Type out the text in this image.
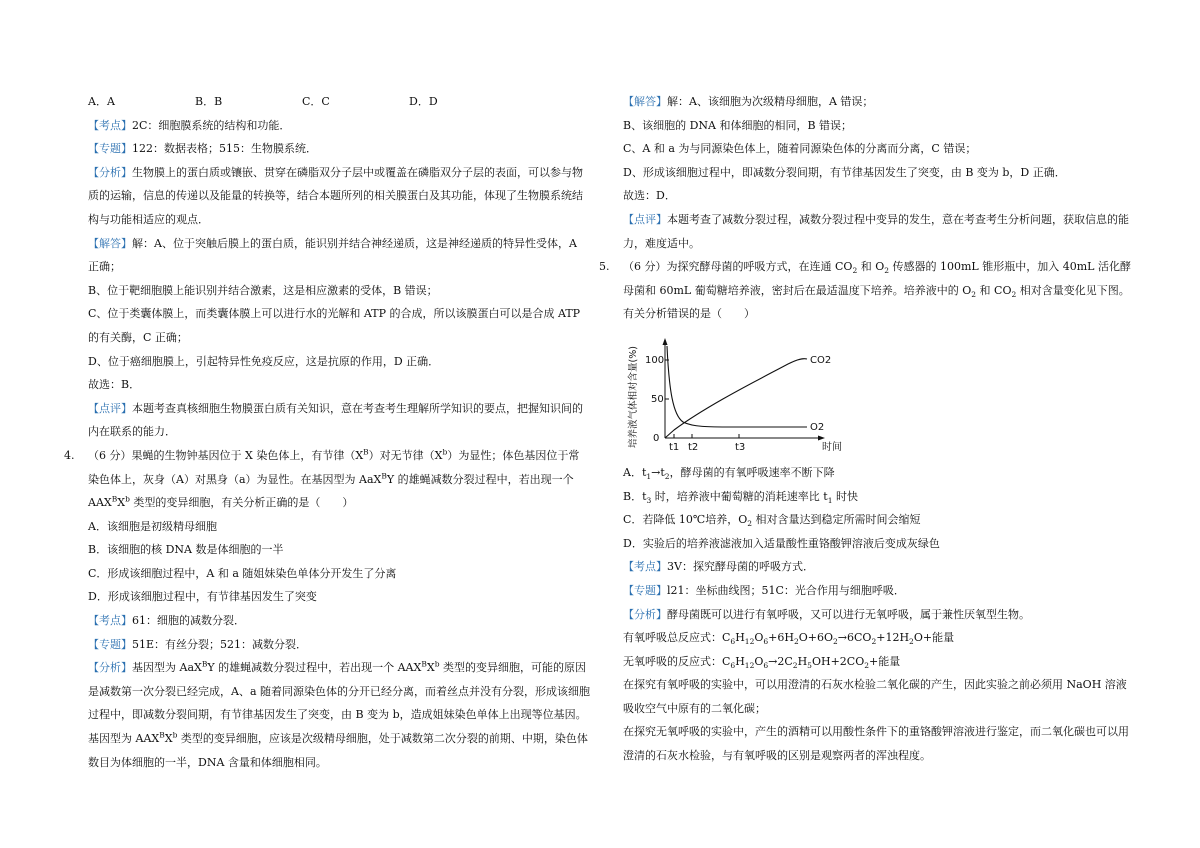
A．A	B．B	C．C	D．D

【 考点 】 2C：细胞膜系统的结构和功能．

【 专题 】 122：数据表格；515：生物膜系统．

【 分析 】 生物膜上的蛋白质或镶嵌、贯穿在磷脂双分子层中或覆盖在磷脂双分子层的表面，可以参与物质的运输，信息的传递以及能量的转换等，结合本题所列的相关膜蛋白及其功能，体现了生物膜系统结构与功能相适应的观点．

【 解答 】 解：A、位于突触后膜上的蛋白质，能识别并结合神经递质，这是神经递质的特异性受体，A 正确；

B、位于靶细胞膜上能识别并结合激素，这是相应激素的受体，B 错误；

C、位于类囊体膜上，而类囊体膜上可以进行水的光解和 ATP 的合成，所以该膜蛋白可以是合成 ATP 的有关酶，C 正确；

D、位于癌细胞膜上，引起特异性免疫反应，这是抗原的作用，D 正确．

故选：B．

【 点评 】 本题考查真核细胞生物膜蛋白质有关知识，意在考查考生理解所学知识的要点，把握知识间的内在联系的能力．

4. （6 分）果蝇的生物钟基因位于 X 染色体上，有节律$(X^B)$对无节律$(X^b)$为显性；体色基因位于常染色体上，灰身（A）对黑身（a）为显性。在基因型为 AaX$^B$Y 的雄蝇减数分裂过程中，若出现一个 $AAX^BX^b$ 类型的变异细胞，有关分析正确的是（　　）

A．该细胞是初级精母细胞

B．该细胞的核 DNA 数是体细胞的一半

C．形成该细胞过程中，A 和 a 随姐妹染色单体分开发生了分离

D．形成该细胞过程中，有节律基因发生了突变

【 考点 】 61：细胞的减数分裂．

【 专题 】 51E：有丝分裂；521：减数分裂．

【 分析 】 基因型为 AaX$^B$Y 的雄蝇减数分裂过程中，若出现一个 $AAX^BX^b$ 类型的变异细胞，可能的原因是减数第一次分裂已经完成，A、a 随着同源染色体的分开已经分离，而着丝点并没有分裂，形成该细胞过程中，即减数分裂间期，有节律基因发生了突变，由 B 变为 b，造成姐妹染色单体上出现等位基因。基因型为 $AAX^BX^b$ 类型的变异细胞，应该是次级精母细胞，处于减数第二次分裂的前期、中期，染色体数目为体细胞的一半，DNA 含量和体细胞相同。

【 解答 】 解：A、该细胞为次级精母细胞，A 错误；

B、该细胞的 DNA 和体细胞的相同，B 错误；

C、A 和 a 为与同源染色体上，随着同源染色体的分离而分离，C 错误；

D、形成该细胞过程中，即减数分裂间期，有节律基因发生了突变，由 B 变为 b，D 正确．

故选：D．

【 点评 】 本题考查了减数分裂过程，减数分裂过程中变异的发生，意在考查考生分析问题，获取信息的能力，难度适中。

5. （6 分）为探究酵母菌的呼吸方式，在连通 $CO_2$ 和 $O_2$ 传感器的 100mL 锥形瓶中，加入 40mL 活化酵母菌和 60mL 葡萄糖培养液，密封后在最适温度下培养。培养液中的 $O_2$ 和 $CO_2$ 相对含量变化见下图。有关分析错误的是（　　）

培养液气体相对含量(%) 100
50
0
t1 t2	t3	时间
CO2
O2

A．$t_1\to t_2$，酵母菌的有氧呼吸速率不断下降

B．$t_3$ 时，培养液中葡萄糖的消耗速率比 $t_1$ 时快

C．若降低 10℃培养，$O_2$ 相对含量达到稳定所需时间会缩短

D．实验后的培养液滤液加入适量酸性重铬酸钾溶液后变成灰绿色

【 考点 】 3V：探究酵母菌的呼吸方式．

【 专题 】 l21：坐标曲线图；51C：光合作用与细胞呼吸．

【 分析 】 酵母菌既可以进行有氧呼吸，又可以进行无氧呼吸，属于兼性厌氧型生物。

有氧呼吸总反应式：$C_6H_{12}O_6+6H_2O+6O_2\to 6CO_2+12H_2O+$能量

无氧呼吸的反应式：$C_6H_{12}O_6\to 2C_2H_5OH+2CO_2+$能量

在探究有氧呼吸的实验中，可以用澄清的石灰水检验二氧化碳的产生，因此实验之前必须用 NaOH 溶液吸收空气中原有的二氧化碳；

在探究无氧呼吸的实验中，产生的酒精可以用酸性条件下的重铬酸钾溶液进行鉴定，而二氧化碳也可以用澄清的石灰水检验，与有氧呼吸的区别是观察两者的浑浊程度。
